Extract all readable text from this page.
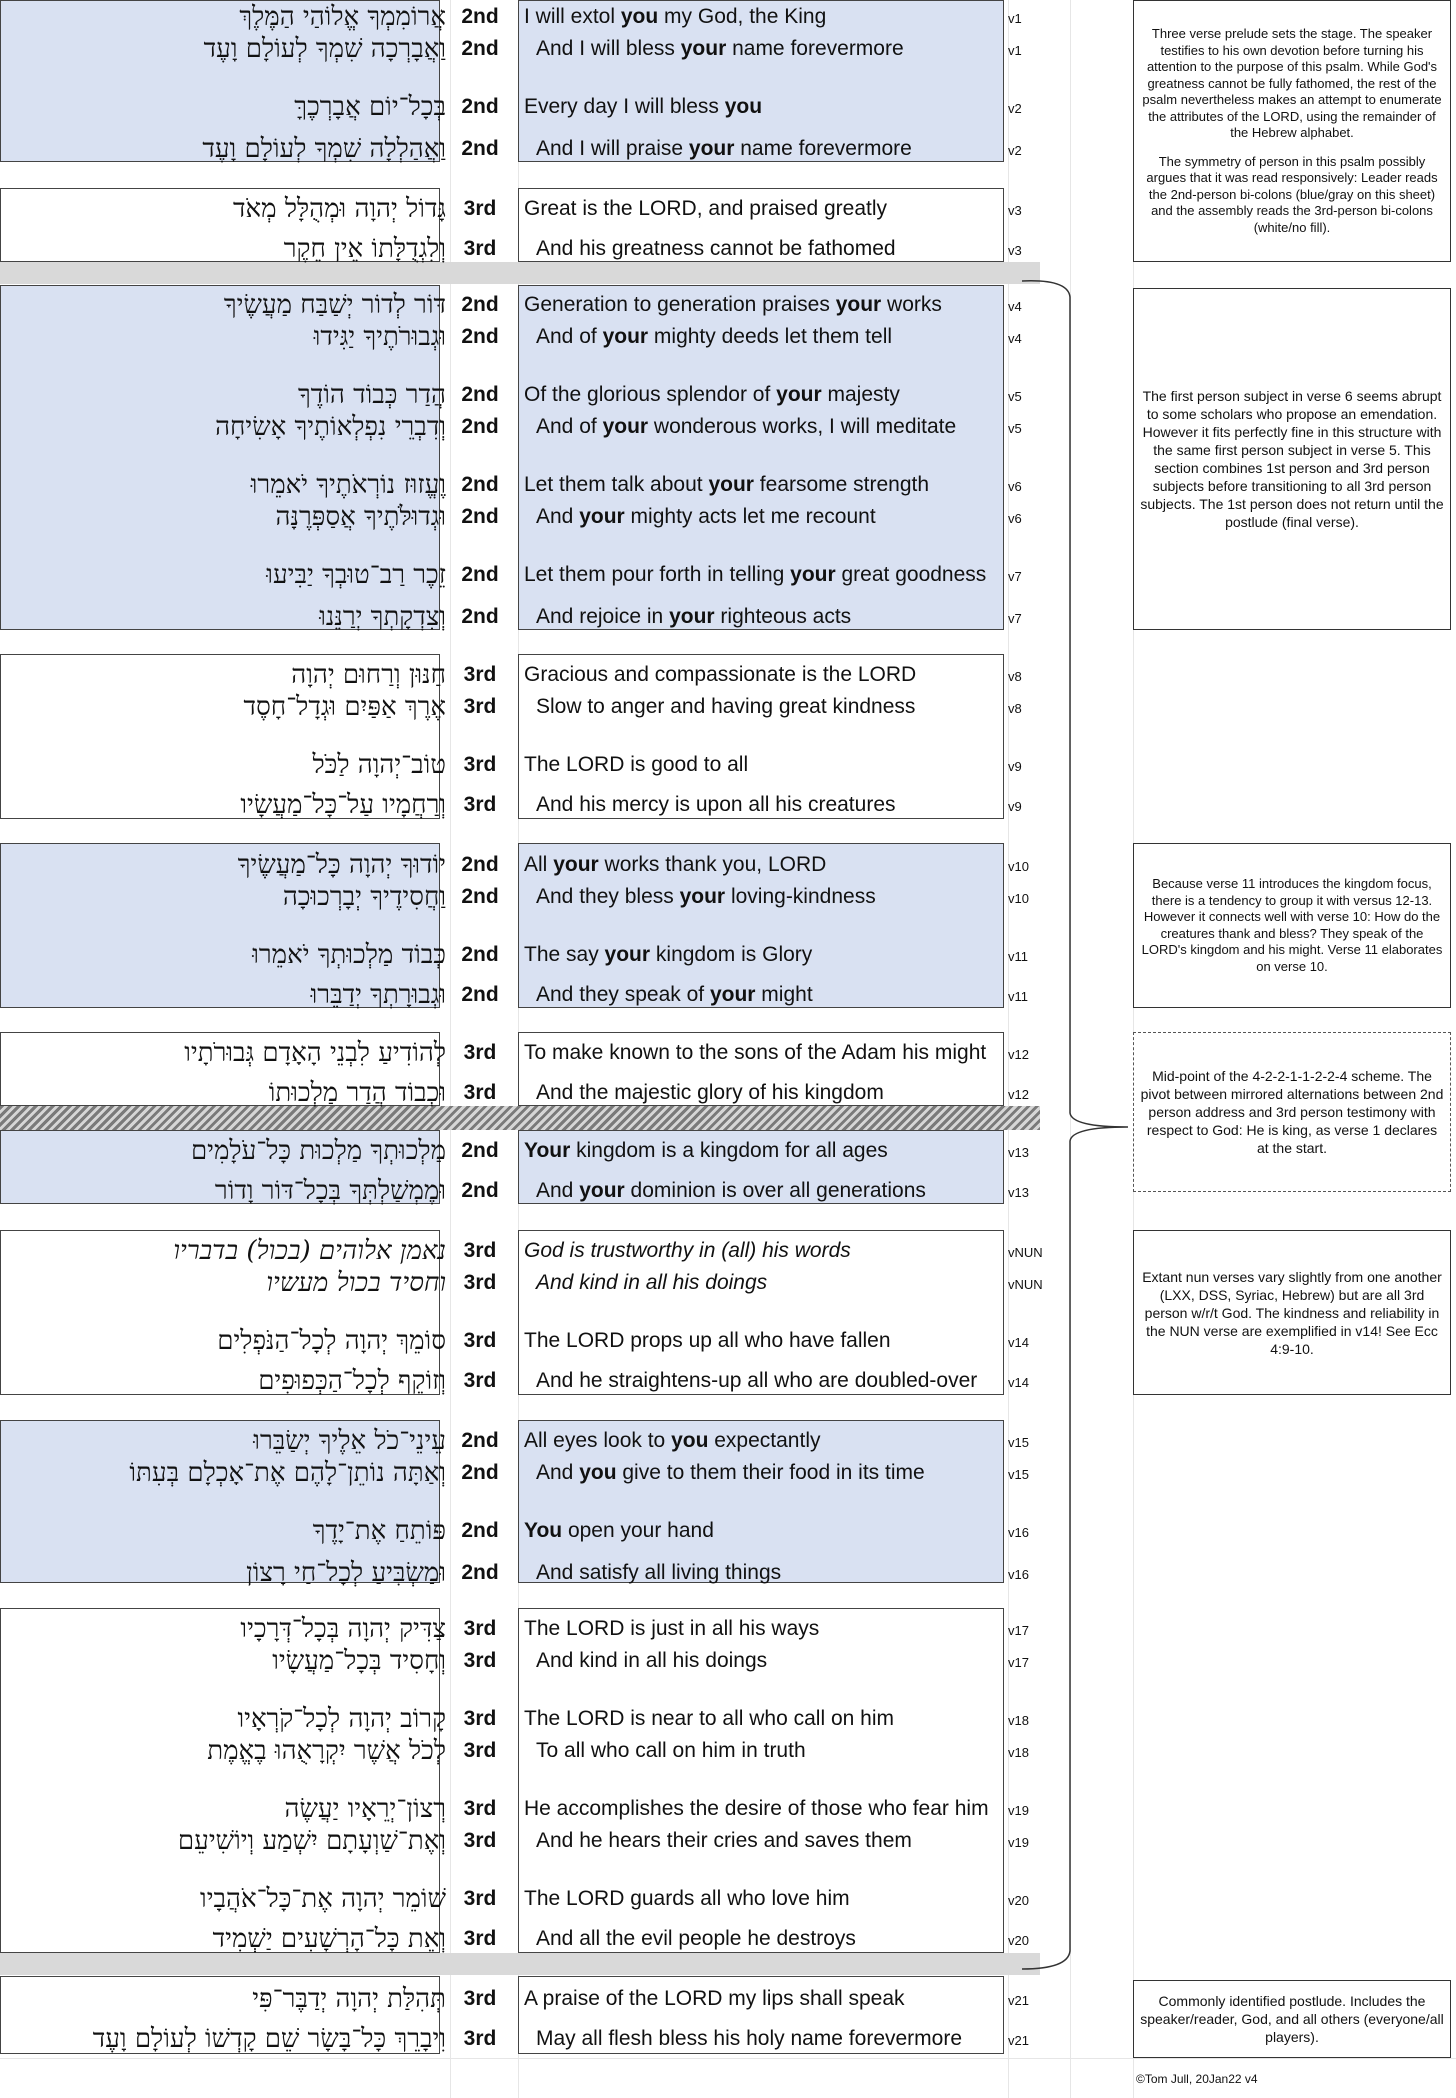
אֲרוֹמִמְךָ אֱלוֹהַי הַמֶּלֶךְ 2nd	I will extol you my God, the King	v1
וַאֲבָרְכָה שִׁמְךָ לְעוֹלָם וָעֶד 2nd	And I will bless your name forevermore	v1
בְּכָל־יוֹם אֲבָרְכֶךָּ 2nd	Every day I will bless you	v2
וַאֲהַלְלָה שִׁמְךָ לְעוֹלָם וָעֶד 2nd	And I will praise your name forevermore	v2
גָּדוֹל יְהוָה וּמְהֻלָּל מְאֹד 3rd	Great is the LORD, and praised greatly	v3
וְלִגְדֻלָּתוֹ אֵין חֵקֶר 3rd	And his greatness cannot be fathomed	v3
דּוֹר לְדוֹר יְשַׁבַּח מַעֲשֶׂיךָ 2nd	Generation to generation praises your works	v4
וּגְבוּרֹתֶיךָ יַגִּידוּ 2nd	And of your mighty deeds let them tell	v4
הֲדַר כְּבוֹד הוֹדֶךָ 2nd	Of the glorious splendor of your majesty	v5
וְדִבְרֵי נִפְלְאוֹתֶיךָ אָשִׂיחָה 2nd	And of your wonderous works, I will meditate	v5
וֶעֱזוּז נוֹרְאֹתֶיךָ יֹאמֵרוּ 2nd	Let them talk about your fearsome strength	v6
וּגְדוּלֹּתֶיךָ אֲסַפְּרֶנָּה 2nd	And your mighty acts let me recount	v6
זֵכֶר רַב־טוּבְךָ יַבִּיעוּ 2nd	Let them pour forth in telling your great goodness	v7
וְצִדְקָתְךָ יְרַנֵּנוּ 2nd	And rejoice in your righteous acts	v7
חַנּוּן וְרַחוּם יְהוָה 3rd	Gracious and compassionate is the LORD	v8
אֶרֶךְ אַפַּיִם וּגְדָל־חָסֶד 3rd	Slow to anger and having great kindness	v8
טוֹב־יְהוָה לַכֹּל 3rd	The LORD is good to all	v9
וְרַחֲמָיו עַל־כָּל־מַעֲשָׂיו 3rd	And his mercy is upon all his creatures	v9
יוֹדוּךָ יְהוָה כָּל־מַעֲשֶׂיךָ 2nd	All your works thank you, LORD	v10
וַחֲסִידֶיךָ יְבָרְכוּכָה 2nd	And they bless your loving-kindness	v10
כְּבוֹד מַלְכוּתְךָ יֹאמֵרוּ 2nd	The say your kingdom is Glory	v11
וּגְבוּרָתְךָ יְדַבֵּרוּ 2nd	And they speak of your might	v11
לְהוֹדִיעַ לִבְנֵי הָאָדָם גְּבוּרֹתָיו 3rd	To make known to the sons of the Adam his might	v12
וּכְבוֹד הֲדַר מַלְכוּתוֹ 3rd	And the majestic glory of his kingdom	v12
מַלְכוּתְךָ מַלְכוּת כָּל־עֹלָמִים 2nd	Your kingdom is a kingdom for all ages	v13
וּמֶמְשַׁלְתְּךָ בְּכָל־דּוֹר וָדוֹר 2nd	And your dominion is over all generations	v13
נאמן אלוהים (בכול) בדבריו 3rd	God is trustworthy in (all) his words	vNUN
וחסיד בכול מעשיו 3rd	And kind in all his doings	vNUN
סוֹמֵךְ יְהוָה לְכָל־הַנֹּפְלִים 3rd	The LORD props up all who have fallen	v14
וְזוֹקֵף לְכָל־הַכְּפוּפִים 3rd	And he straightens-up all who are doubled-over	v14
עֵינֵי־כֹל אֵלֶיךָ יְשַׂבֵּרוּ 2nd	All eyes look to you expectantly	v15
וְאַתָּה נוֹתֵן־לָהֶם אֶת־אָכְלָם בְּעִתּוֹ 2nd	And you give to them their food in its time	v15
פּוֹתֵחַ אֶת־יָדֶךָ 2nd	You open your hand	v16
וּמַשְׂבִּיעַ לְכָל־חַי רָצוֹן 2nd	And satisfy all living things	v16
צַדִּיק יְהוָה בְּכָל־דְּרָכָיו 3rd	The LORD is just in all his ways	v17
וְחָסִיד בְּכָל־מַעֲשָׂיו 3rd	And kind in all his doings	v17
קָרוֹב יְהוָה לְכָל־קֹרְאָיו 3rd	The LORD is near to all who call on him	v18
לְכֹל אֲשֶׁר יִקְרָאֻהוּ בֶאֱמֶת 3rd	To all who call on him in truth	v18
רְצוֹן־יְרֵאָיו יַעֲשֶׂה 3rd	He accomplishes the desire of those who fear him	v19
וְאֶת־שַׁוְעָתָם יִשְׁמַע וְיוֹשִׁיעֵם 3rd	And he hears their cries and saves them	v19
שׁוֹמֵר יְהוָה אֶת־כָּל־אֹהֲבָיו 3rd	The LORD guards all who love him	v20
וְאֵת כָּל־הָרְשָׁעִים יַשְׁמִיד 3rd	And all the evil people he destroys	v20
תְּהִלַּת יְהוָה יְדַבֶּר־פִּי 3rd	A praise of the LORD my lips shall speak	v21
וִיבָרֵךְ כָּל־בָּשָׂר שֵׁם קָדְשׁוֹ לְעוֹלָם וָעֶד 3rd	May all flesh bless his holy name forevermore	v21
Three verse prelude sets the stage. The speaker testifies to his own devotion before turning his attention to the purpose of this psalm. While God's greatness cannot be fully fathomed, the rest of the psalm nevertheless makes an attempt to enumerate the attributes of the LORD, using the remainder of the Hebrew alphabet.
The symmetry of person in this psalm possibly argues that it was read responsively: Leader reads the 2nd-person bi-colons (blue/gray on this sheet) and the assembly reads the 3rd-person bi-colons (white/no fill).
The first person subject in verse 6 seems abrupt to some scholars who propose an emendation. However it fits perfectly fine in this structure with the same first person subject in verse 5. This section combines 1st person and 3rd person subjects before transitioning to all 3rd person subjects. The 1st person does not return until the postlude (final verse).
Because verse 11 introduces the kingdom focus, there is a tendency to group it with versus 12-13. However it connects well with verse 10: How do the creatures thank and bless? They speak of the LORD's kingdom and his might. Verse 11 elaborates on verse 10.
Mid-point of the 4-2-2-1-1-2-2-4 scheme. The pivot between mirrored alternations between 2nd person address and 3rd person testimony with respect to God: He is king, as verse 1 declares at the start.
Extant nun verses vary slightly from one another (LXX, DSS, Syriac, Hebrew) but are all 3rd person w/r/t God. The kindness and reliability in the NUN verse are exemplified in v14! See Ecc 4:9-10.
Commonly identified postlude. Includes the speaker/reader, God, and all others (everyone/all players).
©Tom Jull, 20Jan22 v4
